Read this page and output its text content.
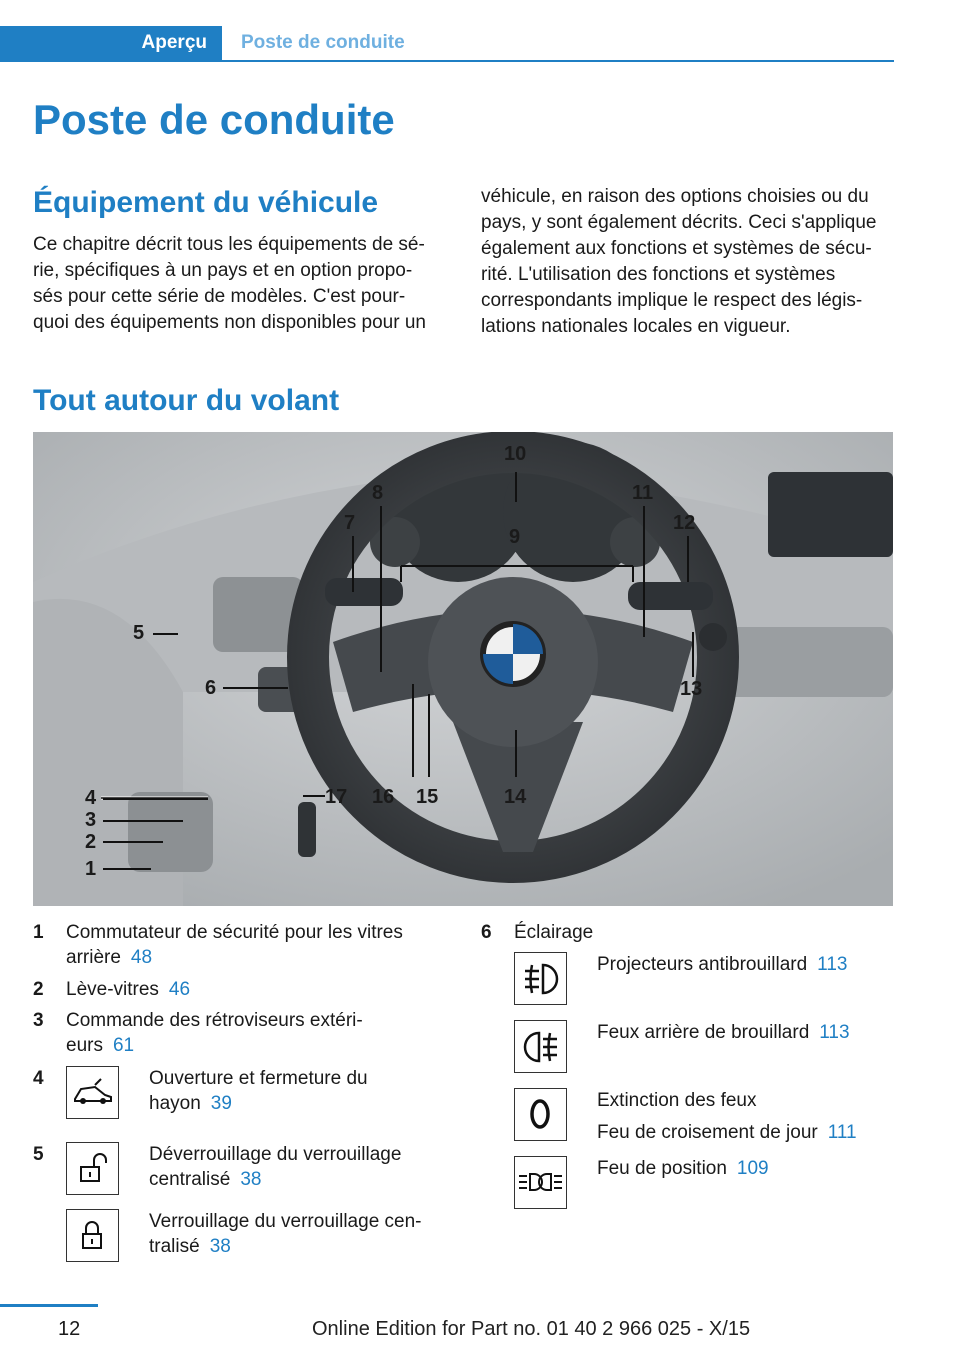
Aperçu	Poste de conduite
Poste de conduite
Équipement du véhicule
Ce chapitre décrit tous les équipements de sé‐
rie, spécifiques à un pays et en option propo‐
sés pour cette série de modèles. C'est pour‐
quoi des équipements non disponibles pour un
véhicule, en raison des options choisies ou du
pays, y sont également décrits. Ceci s'applique
également aux fonctions et systèmes de sécu‐
rité. L'utilisation des fonctions et systèmes
correspondants implique le respect des légis‐
lations nationales locales en vigueur.
Tout autour du volant
4
3
2
1
5
6
7
8
9
10
11
12
13
14
15
16
17
1 Commutateur de sécurité pour les vitres
arrière 48
2 Lève-vitres 46
3 Commande des rétroviseurs extéri‐
eurs 61
4	Ouverture et fermeture du
hayon 39
5	Déverrouillage du verrouillage
centralisé 38
Verrouillage du verrouillage cen‐
tralisé 38
6 Éclairage
Projecteurs antibrouillard 113
Feux arrière de brouillard 113
Extinction des feux
Feu de croisement de jour 111
Feu de position 109
12	Online Edition for Part no. 01 40 2 966 025 - X/15
